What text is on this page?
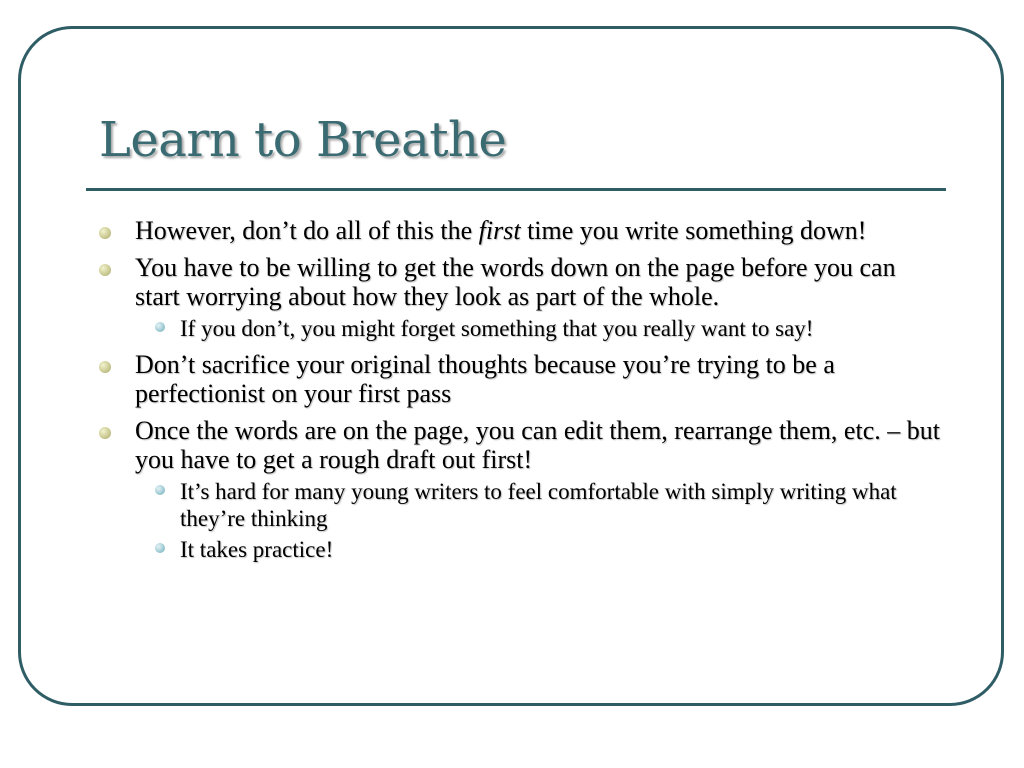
Learn to Breathe

However, don’t do all of this the first time you write something down!

You have to be willing to get the words down on the page before you can start worrying about how they look as part of the whole.

If you don’t, you might forget something that you really want to say!

Don’t sacrifice your original thoughts because you’re trying to be a perfectionist on your first pass

Once the words are on the page, you can edit them, rearrange them, etc. – but you have to get a rough draft out first!

It’s hard for many young writers to feel comfortable with simply writing what they’re thinking

It takes practice!
